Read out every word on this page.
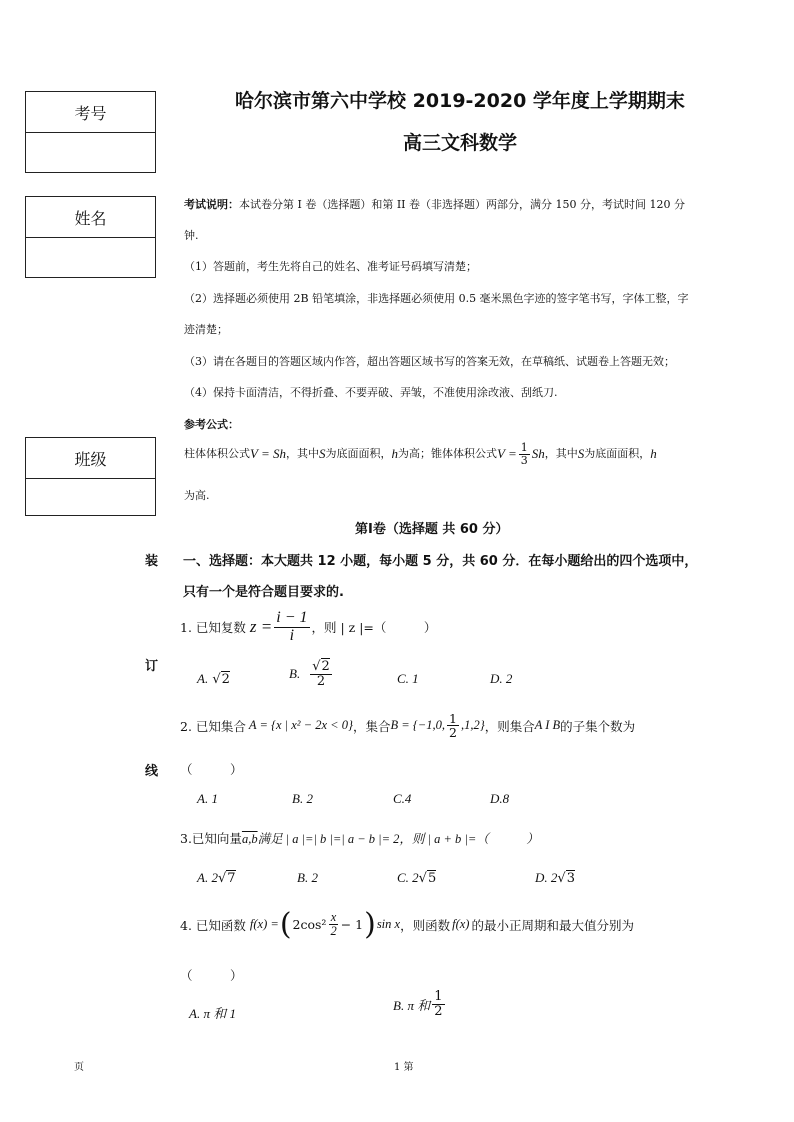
考号
姓名
班级
哈尔滨市第六中学校 2019-2020 学年度上学期期末
高三文科数学
考试说明：本试卷分第 I 卷（选择题）和第 II 卷（非选择题）两部分，满分 150 分，考试时间 120 分
钟.
（1）答题前，考生先将自己的姓名、准考证号码填写清楚；
（2）选择题必须使用 2B 铅笔填涂，非选择题必须使用 0.5 毫米黑色字迹的签字笔书写，字体工整，字
迹清楚；
（3）请在各题目的答题区域内作答，超出答题区域书写的答案无效，在草稿纸、试题卷上答题无效；
（4）保持卡面清洁，不得折叠、不要弄破、弄皱，不准使用涂改液、刮纸刀.
参考公式：
柱体体积公式 V = Sh ，其中 S 为底面面积， h 为高；锥体体积公式 $V = \frac{1}{3}$ Sh ，其中 S 为底面面积， h
为高.
第Ⅰ卷（选择题 共 60 分）
一、选择题：本大题共 12 小题，每小题 5 分，共 60 分．在每小题给出的四个选项中，
只有一个是符合题目要求的.
装
订
线
1. 已知复数 $z = \frac{i - 1}{i}$ ，则 | z |=（　　　）
A. √2	B. $\frac{√2}{2}$	C. 1	D. 2
2. 已知集合 A = {x | x² − 2x < 0} ，集合 B = {−1,0, $\frac{1}{2} ,1,2$} ，则集合 A I B 的子集个数为
（　　　）
A. 1	B. 2	C.4	D.8
3.已知向量a,b满足 | a |=| b |=| a − b |= 2，则 | a + b |=（　　　）
A. 2√7	B. 2	C. 2√5	D. 2√3
4. 已知函数 f(x) = ( $2\cos^2 \frac{x}{2} - 1$ ) sin x ，则函数 f(x) 的最小正周期和最大值分别为
（　　　）
A. π 和 1
B. π 和 $\frac{1}{2}$
页	1 第
